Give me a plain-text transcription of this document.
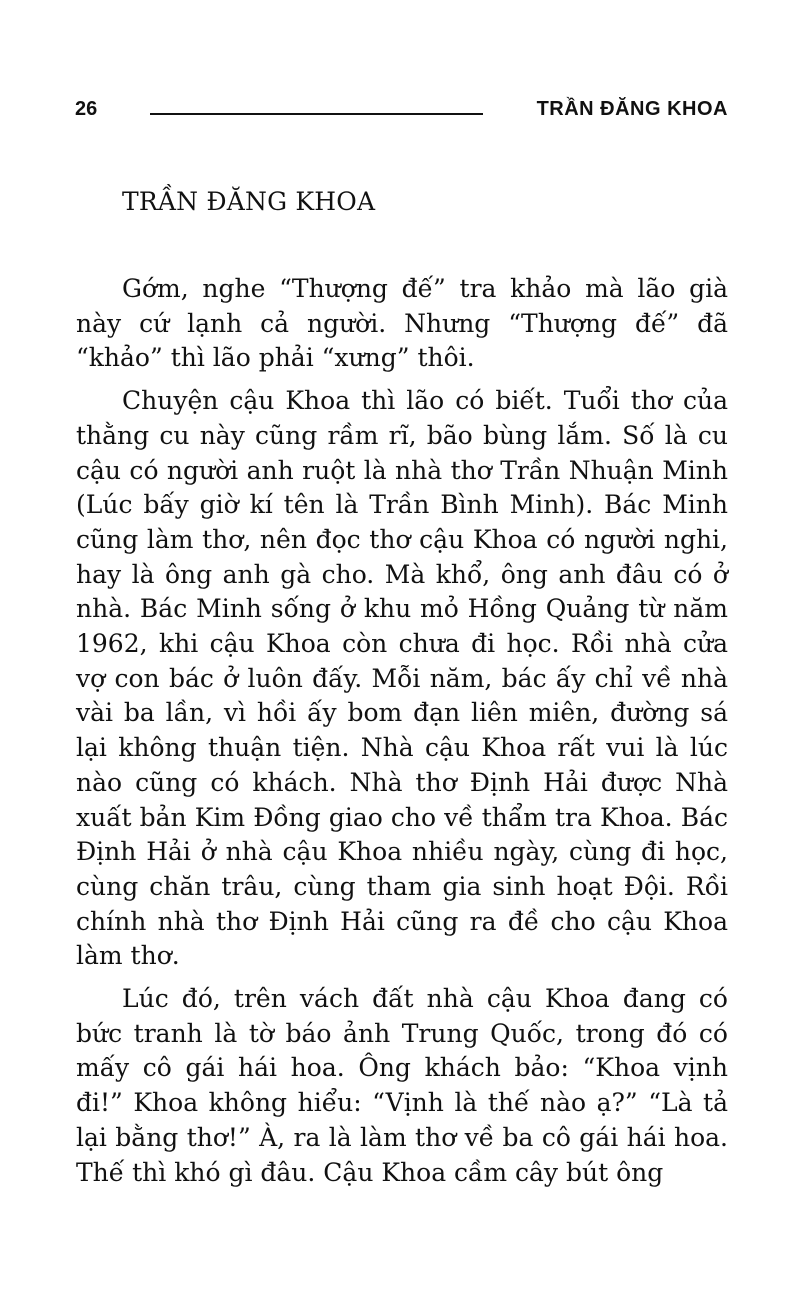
26	TRẦN ĐĂNG KHOA

TRẦN ĐĂNG KHOA

Gớm, nghe “Thượng đế” tra khảo mà lão già này cứ lạnh cả người. Nhưng “Thượng đế” đã “khảo” thì lão phải “xưng” thôi.

Chuyện cậu Khoa thì lão có biết. Tuổi thơ của thằng cu này cũng rầm rĩ, bão bùng lắm. Số là cu cậu có người anh ruột là nhà thơ Trần Nhuận Minh (Lúc bấy giờ kí tên là Trần Bình Minh). Bác Minh cũng làm thơ, nên đọc thơ cậu Khoa có người nghi, hay là ông anh gà cho. Mà khổ, ông anh đâu có ở nhà. Bác Minh sống ở khu mỏ Hồng Quảng từ năm 1962, khi cậu Khoa còn chưa đi học. Rồi nhà cửa vợ con bác ở luôn đấy. Mỗi năm, bác ấy chỉ về nhà vài ba lần, vì hồi ấy bom đạn liên miên, đường sá lại không thuận tiện. Nhà cậu Khoa rất vui là lúc nào cũng có khách. Nhà thơ Định Hải được Nhà xuất bản Kim Đồng giao cho về thẩm tra Khoa. Bác Định Hải ở nhà cậu Khoa nhiều ngày, cùng đi học, cùng chăn trâu, cùng tham gia sinh hoạt Đội. Rồi chính nhà thơ Định Hải cũng ra đề cho cậu Khoa làm thơ.

Lúc đó, trên vách đất nhà cậu Khoa đang có bức tranh là tờ báo ảnh Trung Quốc, trong đó có mấy cô gái hái hoa. Ông khách bảo: “Khoa vịnh đi!” Khoa không hiểu: “Vịnh là thế nào ạ?” “Là tả lại bằng thơ!” À, ra là làm thơ về ba cô gái hái hoa. Thế thì khó gì đâu. Cậu Khoa cầm cây bút ông
